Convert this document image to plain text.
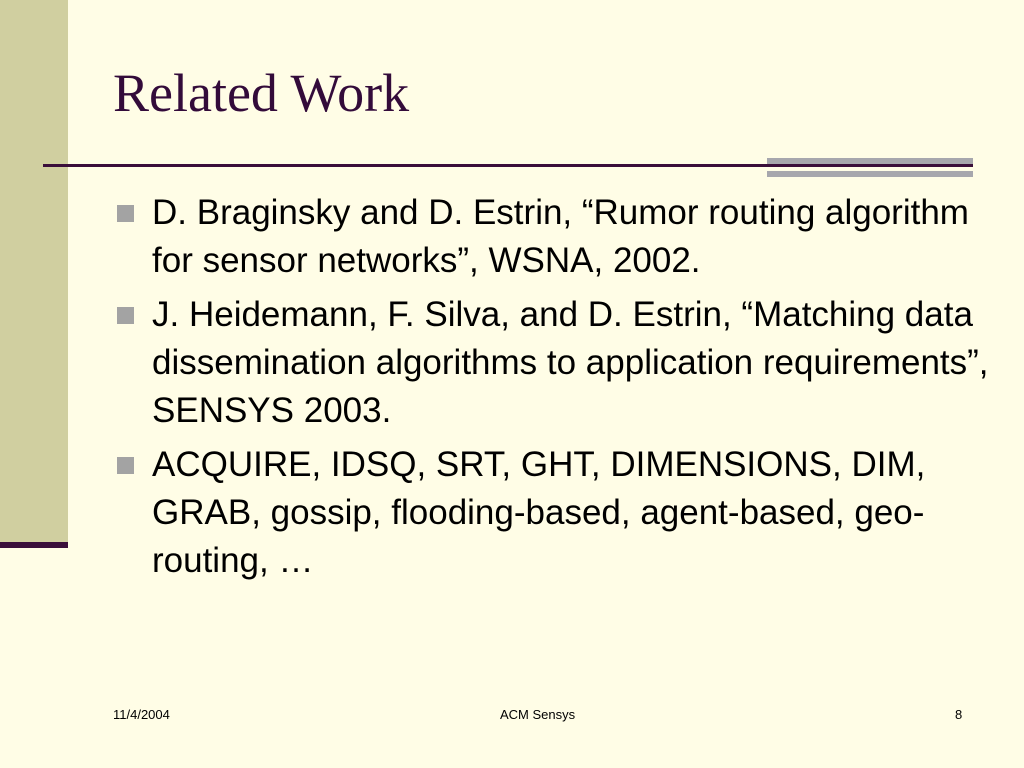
Related Work
D. Braginsky and D. Estrin, “Rumor routing algorithm for sensor networks”, WSNA, 2002.
J. Heidemann, F. Silva, and D. Estrin, “Matching data dissemination algorithms to application requirements”, SENSYS 2003.
ACQUIRE, IDSQ, SRT, GHT, DIMENSIONS, DIM, GRAB, gossip, flooding-based, agent-based, geo-routing, …
11/4/2004	ACM Sensys	8
